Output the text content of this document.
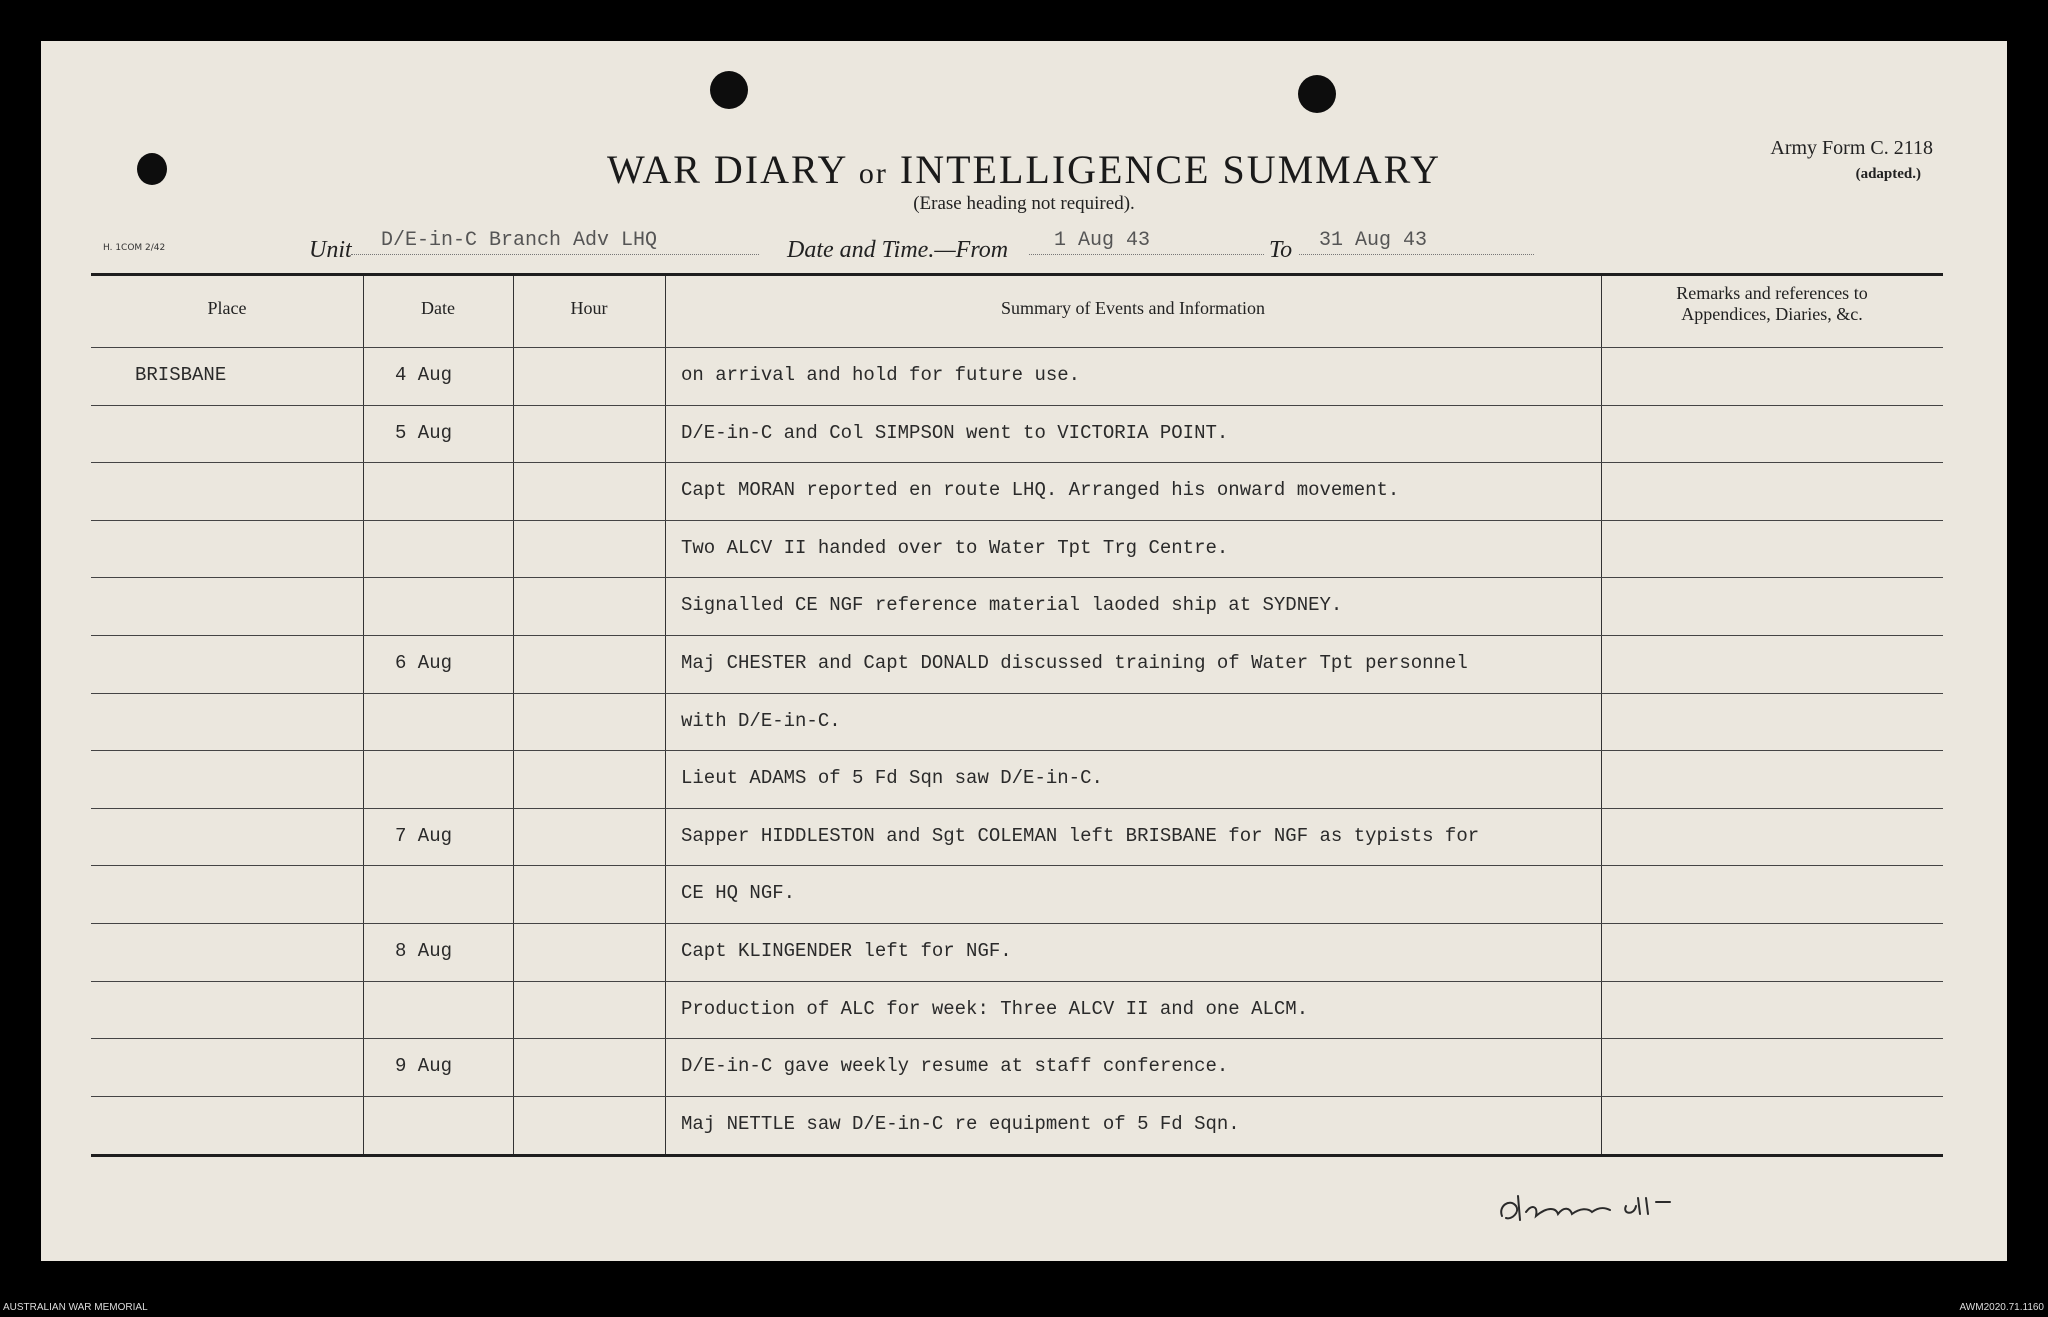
WAR DIARY or INTELLIGENCE SUMMARY
(Erase heading not required).
Army Form C. 2118
(adapted.)
H. 1COM 2/42	Unit	D/E-in-C Branch Adv LHQ	Date and Time.—From	1 Aug 43	To	31 Aug 43
Place	Date	Hour	Summary of Events and Information
Remarks and references to
Appendices, Diaries, &c.
BRISBANE	4 Aug	on arrival and hold for future use.
5 Aug	D/E-in-C and Col SIMPSON went to VICTORIA POINT.
Capt MORAN reported en route LHQ. Arranged his onward movement.
Two ALCV II handed over to Water Tpt Trg Centre.
Signalled CE NGF reference material laoded ship at SYDNEY.
6 Aug	Maj CHESTER and Capt DONALD discussed training of Water Tpt personnel
with D/E-in-C.
Lieut ADAMS of 5 Fd Sqn saw D/E-in-C.
7 Aug	Sapper HIDDLESTON and Sgt COLEMAN left BRISBANE for NGF as typists for
CE HQ NGF.
8 Aug	Capt KLINGENDER left for NGF.
Production of ALC for week: Three ALCV II and one ALCM.
9 Aug	D/E-in-C gave weekly resume at staff conference.
Maj NETTLE saw D/E-in-C re equipment of 5 Fd Sqn.
AUSTRALIAN WAR MEMORIAL	AWM2020.71.1160
